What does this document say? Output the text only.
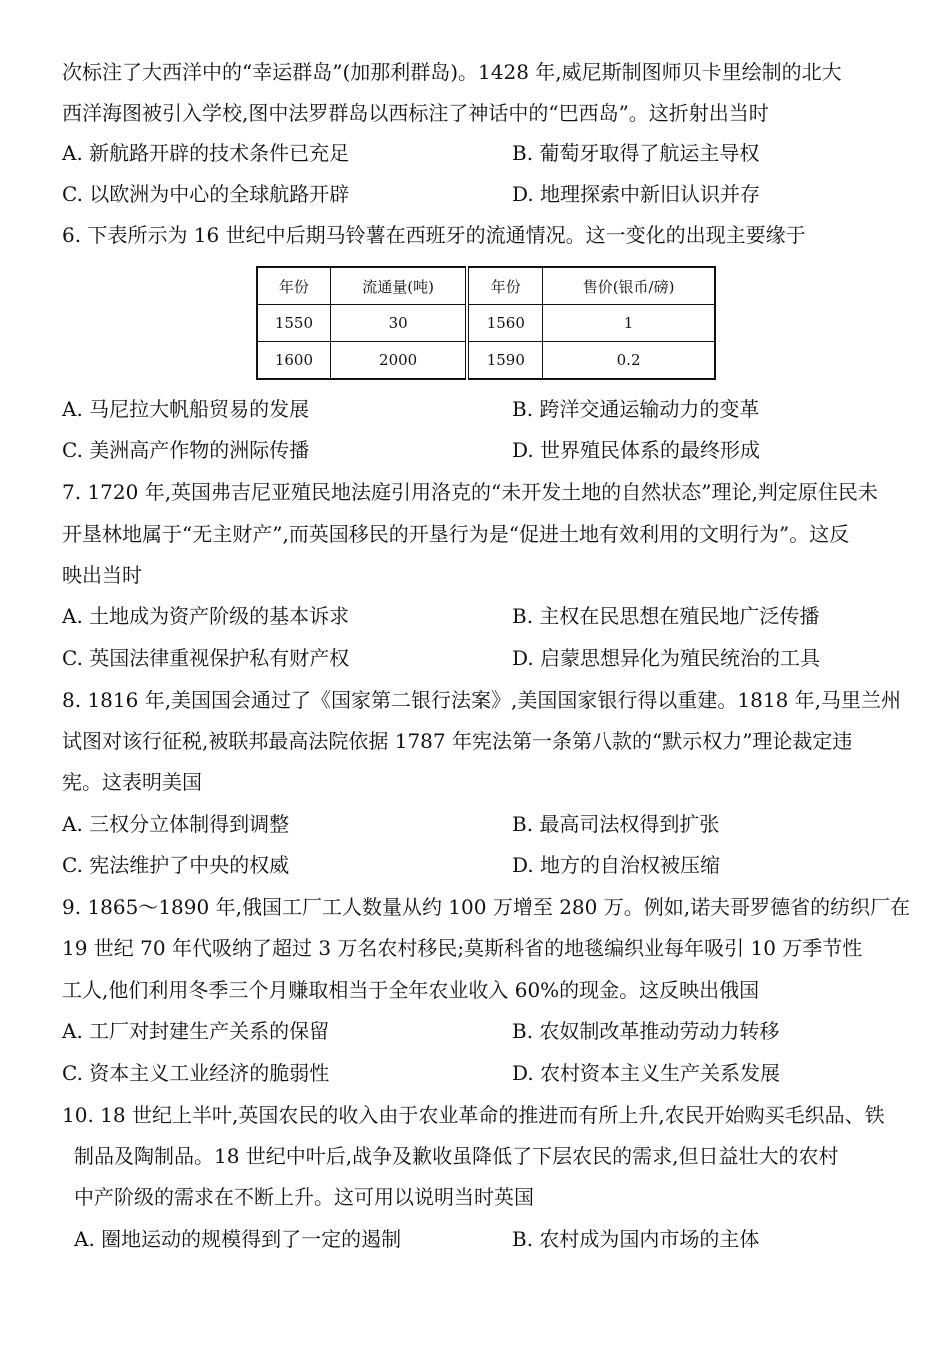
次标注了大西洋中的“幸运群岛”(加那利群岛)。1428 年,威尼斯制图师贝卡里绘制的北大
西洋海图被引入学校,图中法罗群岛以西标注了神话中的“巴西岛”。这折射出当时
A. 新航路开辟的技术条件已充足	B. 葡萄牙取得了航运主导权
C. 以欧洲为中心的全球航路开辟	D. 地理探索中新旧认识并存
6. 下表所示为 16 世纪中后期马铃薯在西班牙的流通情况。这一变化的出现主要缘于
年份	流通量(吨)	年份	售价(银币/磅)
1550	30	1560	1
1600	2000	1590	0.2
A. 马尼拉大帆船贸易的发展	B. 跨洋交通运输动力的变革
C. 美洲高产作物的洲际传播	D. 世界殖民体系的最终形成
7. 1720 年,英国弗吉尼亚殖民地法庭引用洛克的“未开发土地的自然状态”理论,判定原住民未
开垦林地属于“无主财产”,而英国移民的开垦行为是“促进土地有效利用的文明行为”。这反
映出当时
A. 土地成为资产阶级的基本诉求	B. 主权在民思想在殖民地广泛传播
C. 英国法律重视保护私有财产权	D. 启蒙思想异化为殖民统治的工具
8. 1816 年,美国国会通过了《国家第二银行法案》,美国国家银行得以重建。1818 年,马里兰州
试图对该行征税,被联邦最高法院依据 1787 年宪法第一条第八款的“默示权力”理论裁定违
宪。这表明美国
A. 三权分立体制得到调整	B. 最高司法权得到扩张
C. 宪法维护了中央的权威	D. 地方的自治权被压缩
9. 1865～1890 年,俄国工厂工人数量从约 100 万增至 280 万。例如,诺夫哥罗德省的纺织厂在
19 世纪 70 年代吸纳了超过 3 万名农村移民;莫斯科省的地毯编织业每年吸引 10 万季节性
工人,他们利用冬季三个月赚取相当于全年农业收入 60%的现金。这反映出俄国
A. 工厂对封建生产关系的保留	B. 农奴制改革推动劳动力转移
C. 资本主义工业经济的脆弱性	D. 农村资本主义生产关系发展
10. 18 世纪上半叶,英国农民的收入由于农业革命的推进而有所上升,农民开始购买毛织品、铁
制品及陶制品。18 世纪中叶后,战争及歉收虽降低了下层农民的需求,但日益壮大的农村
中产阶级的需求在不断上升。这可用以说明当时英国
A. 圈地运动的规模得到了一定的遏制	B. 农村成为国内市场的主体
